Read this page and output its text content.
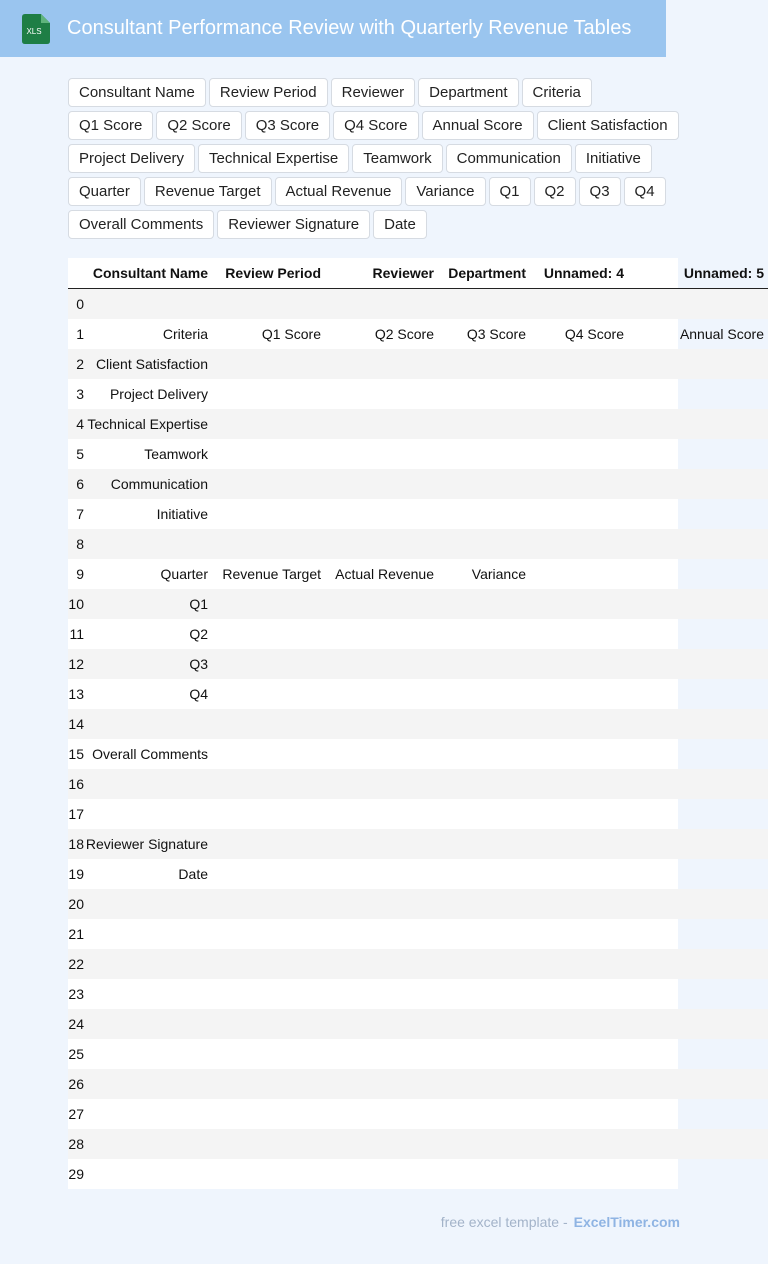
XLS Consultant Performance Review with Quarterly Revenue Tables
Consultant Name	Review Period	Reviewer	Department	Criteria
Q1 Score	Q2 Score	Q3 Score	Q4 Score	Annual Score	Client Satisfaction
Project Delivery	Technical Expertise	Teamwork	Communication	Initiative
Quarter	Revenue Target	Actual Revenue	Variance	Q1	Q2	Q3	Q4
Overall Comments	Reviewer Signature	Date
	Consultant Name	Review Period	Reviewer	Department	Unnamed: 4	Unnamed: 5
0						
1	Criteria	Q1 Score	Q2 Score	Q3 Score	Q4 Score	Annual Score
2	Client Satisfaction					
3	Project Delivery					
4	Technical Expertise					
5	Teamwork					
6	Communication					
7	Initiative					
8						
9	Quarter	Revenue Target	Actual Revenue	Variance		
10	Q1					
11	Q2					
12	Q3					
13	Q4					
14						
15	Overall Comments					
16						
17						
18	Reviewer Signature					
19	Date					
20						
21						
22						
23						
24						
25						
26						
27						
28						
29						
free excel template - ExcelTimer.com
